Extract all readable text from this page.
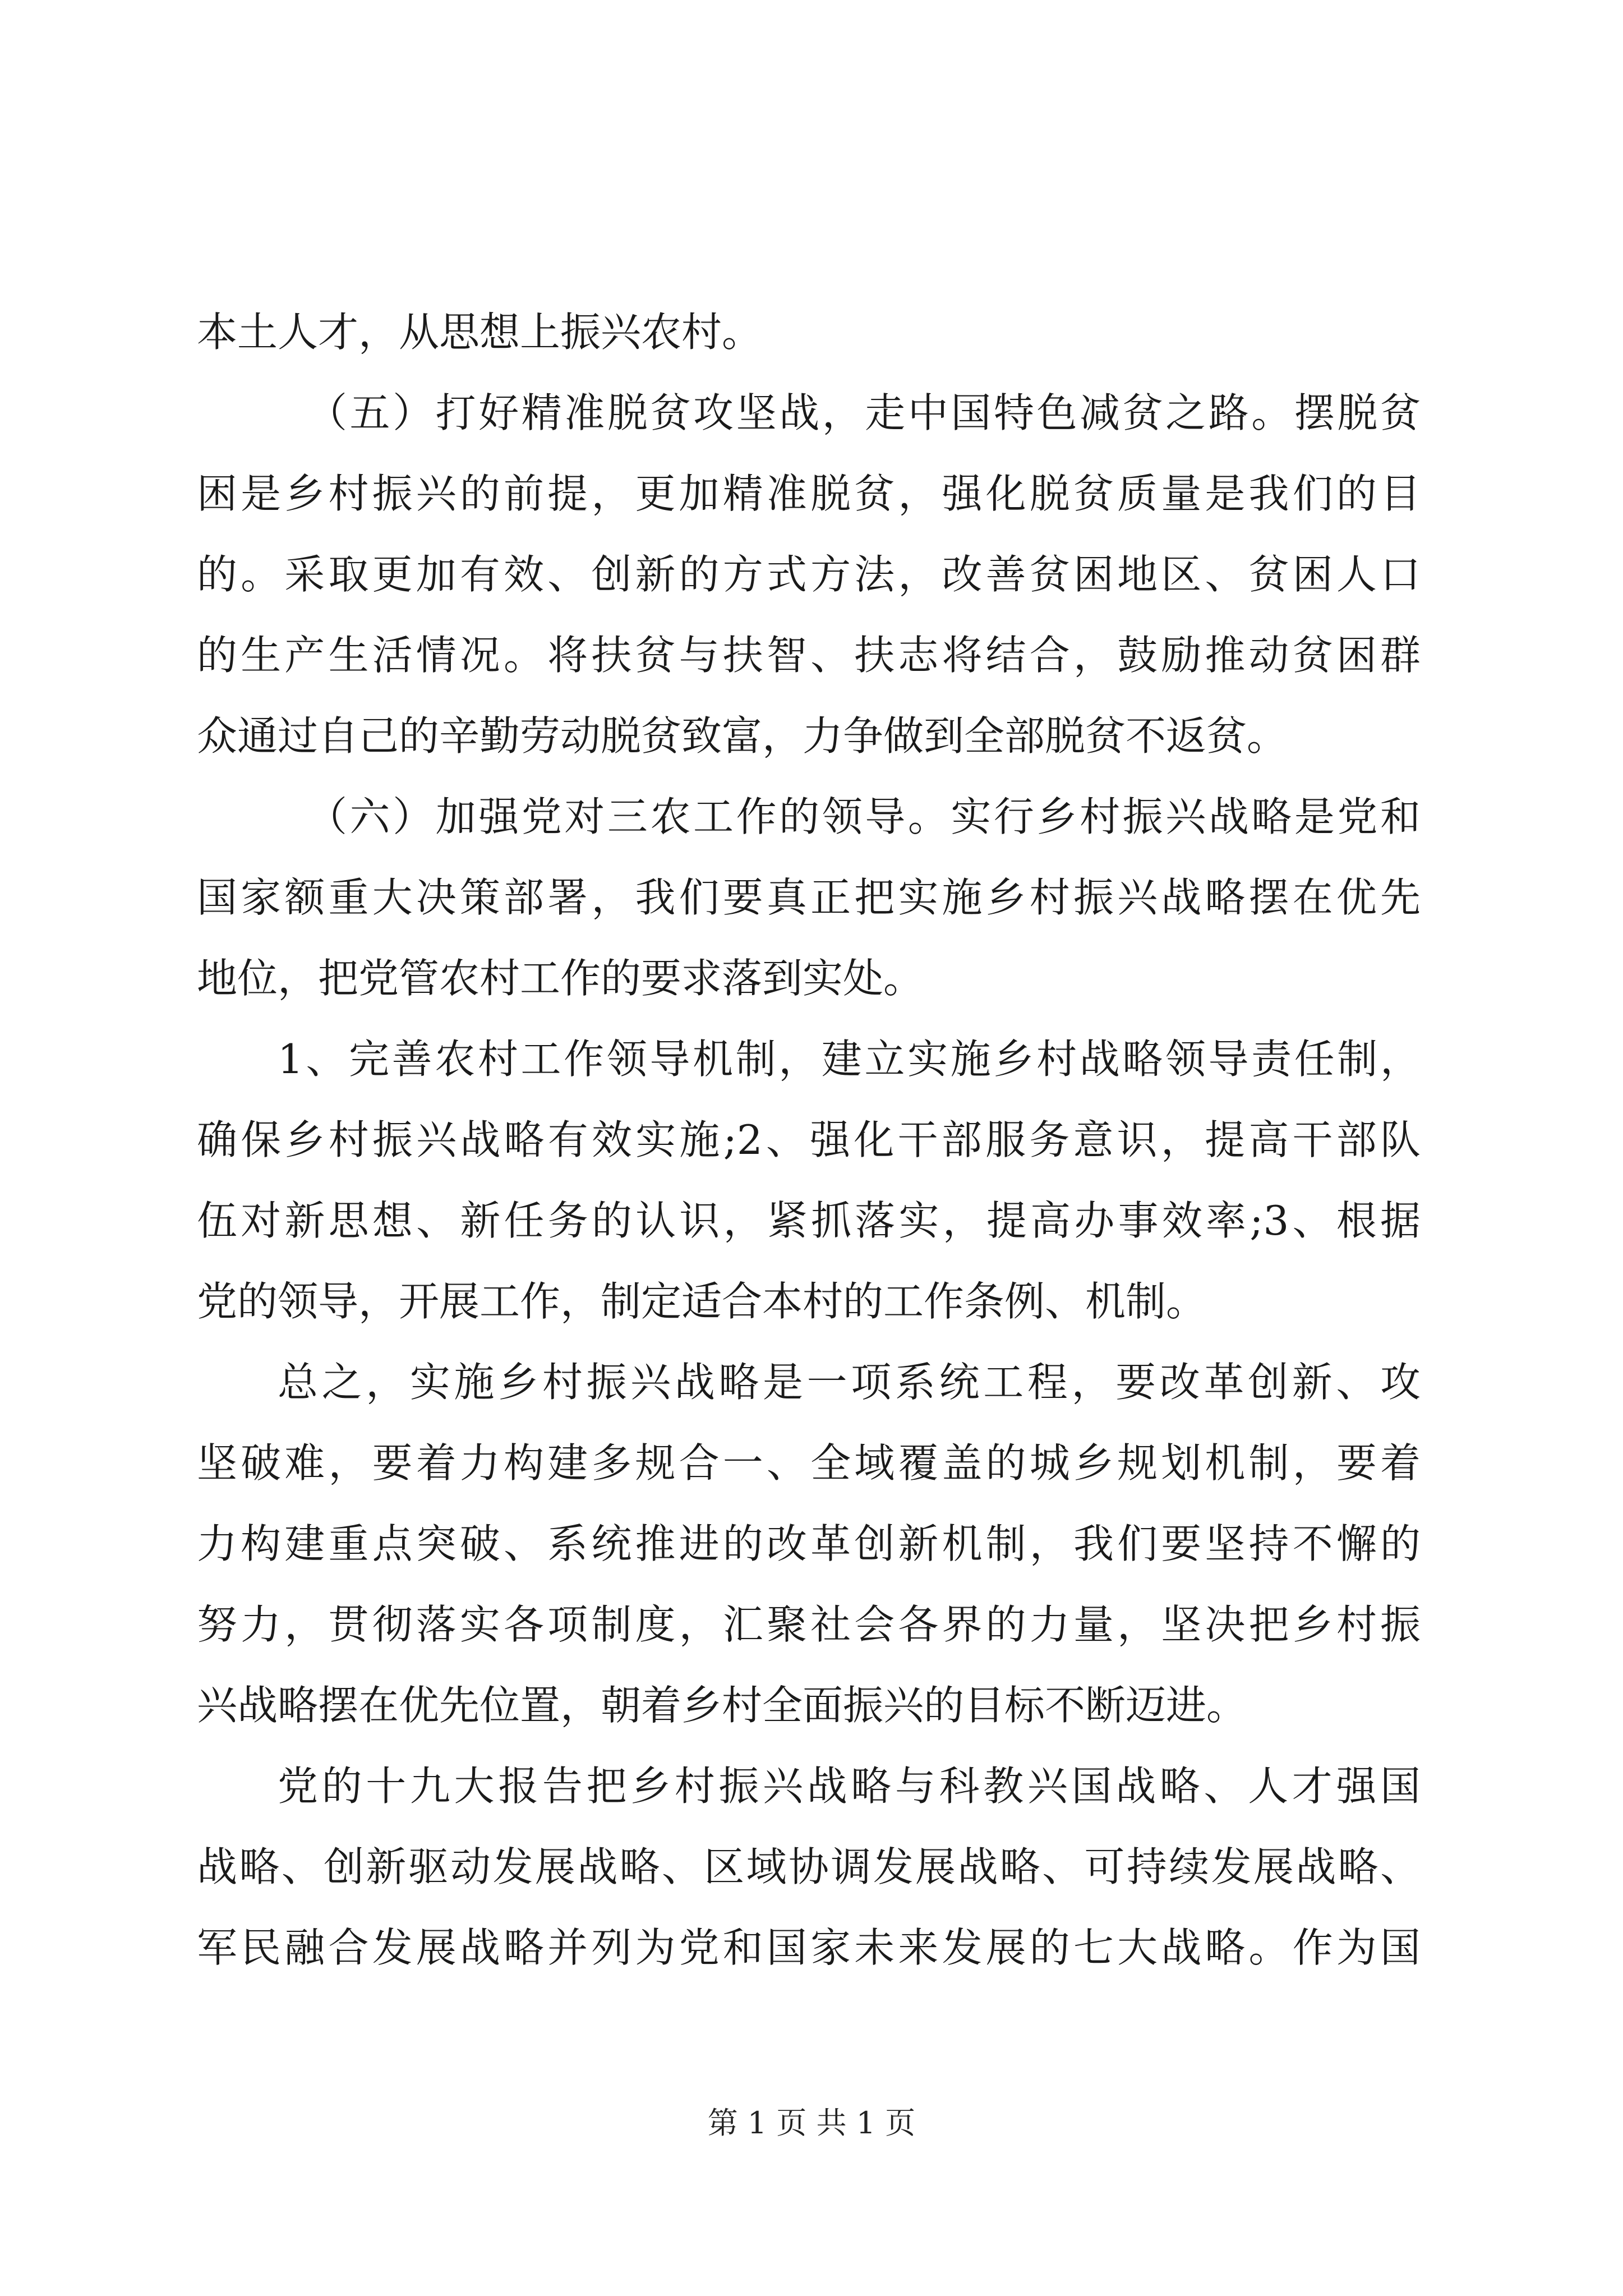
本土人才，从思想上振兴农村。
（五）打好精准脱贫攻坚战，走中国特色减贫之路。摆脱贫
困是乡村振兴的前提，更加精准脱贫，强化脱贫质量是我们的目
的。采取更加有效、创新的方式方法，改善贫困地区、贫困人口
的生产生活情况。将扶贫与扶智、扶志将结合，鼓励推动贫困群
众通过自己的辛勤劳动脱贫致富，力争做到全部脱贫不返贫。
（六）加强党对三农工作的领导。实行乡村振兴战略是党和
国家额重大决策部署，我们要真正把实施乡村振兴战略摆在优先
地位，把党管农村工作的要求落到实处。
1、完善农村工作领导机制，建立实施乡村战略领导责任制，
确保乡村振兴战略有效实施;2、强化干部服务意识，提高干部队
伍对新思想、新任务的认识，紧抓落实，提高办事效率;3、根据
党的领导，开展工作，制定适合本村的工作条例、机制。
总之，实施乡村振兴战略是一项系统工程，要改革创新、攻
坚破难，要着力构建多规合一、全域覆盖的城乡规划机制，要着
力构建重点突破、系统推进的改革创新机制，我们要坚持不懈的
努力，贯彻落实各项制度，汇聚社会各界的力量，坚决把乡村振
兴战略摆在优先位置，朝着乡村全面振兴的目标不断迈进。
党的十九大报告把乡村振兴战略与科教兴国战略、人才强国
战略、创新驱动发展战略、区域协调发展战略、可持续发展战略、
军民融合发展战略并列为党和国家未来发展的七大战略。作为国
第 1 页 共 1 页
